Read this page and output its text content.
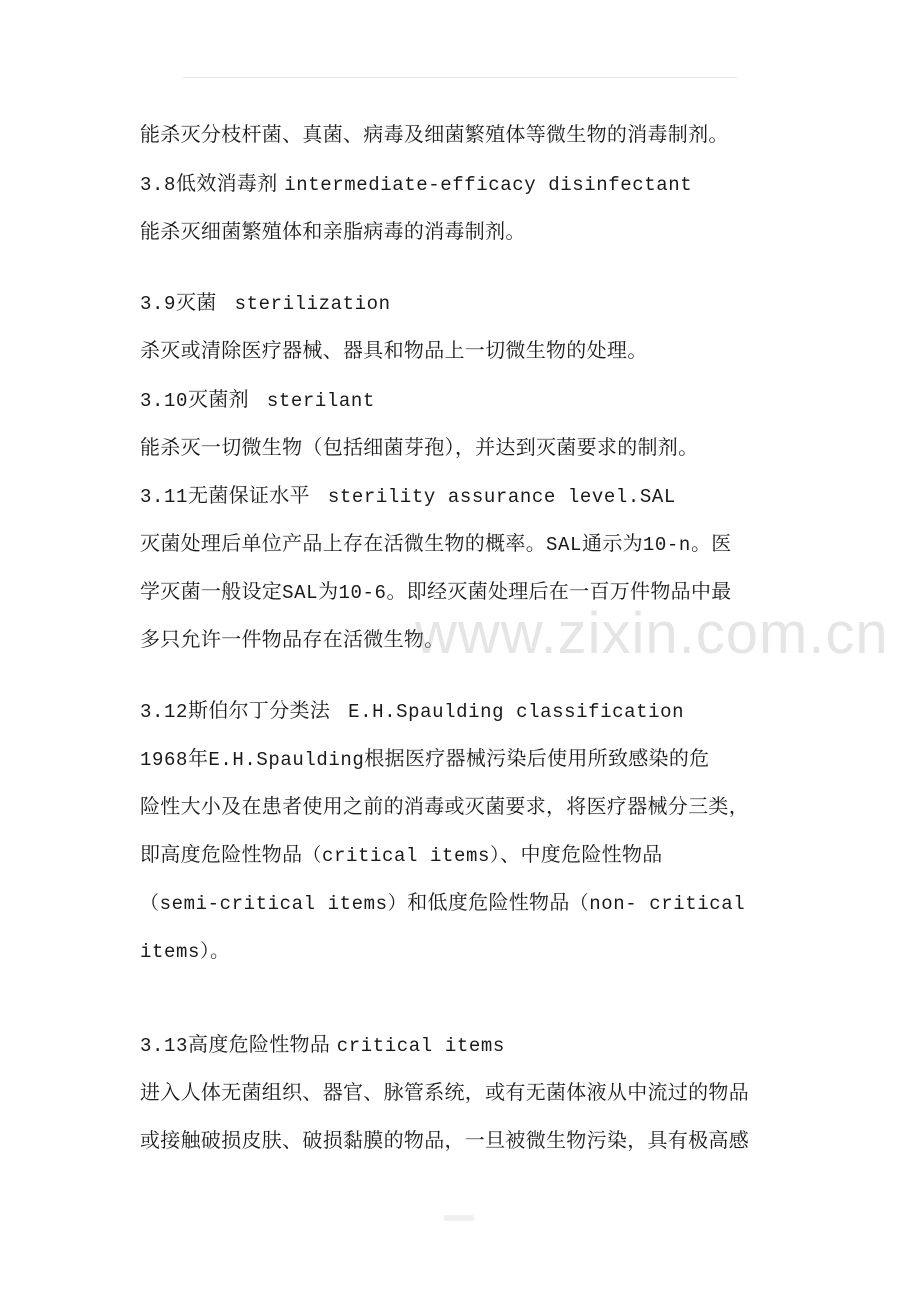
能杀灭分枝杆菌、真菌、病毒及细菌繁殖体等微生物的消毒制剂。
3.8低效消毒剂 intermediate-efficacy disinfectant
能杀灭细菌繁殖体和亲脂病毒的消毒制剂。
3.9灭菌 sterilization
杀灭或清除医疗器械、器具和物品上一切微生物的处理。
3.10灭菌剂 sterilant
能杀灭一切微生物（包括细菌芽孢），并达到灭菌要求的制剂。
3.11无菌保证水平 sterility assurance level.SAL
灭菌处理后单位产品上存在活微生物的概率。SAL通示为10-n。医
学灭菌一般设定SAL为10-6。即经灭菌处理后在一百万件物品中最
多只允许一件物品存在活微生物。
3.12斯伯尔丁分类法 E.H.Spaulding classification
1968年E.H.Spaulding根据医疗器械污染后使用所致感染的危
险性大小及在患者使用之前的消毒或灭菌要求，将医疗器械分三类，
即高度危险性物品（critical items）、中度危险性物品
（semi-critical items）和低度危险性物品（non- critical
items）。
3.13高度危险性物品 critical items
进入人体无菌组织、器官、脉管系统，或有无菌体液从中流过的物品
或接触破损皮肤、破损黏膜的物品，一旦被微生物污染，具有极高感
www.zixin.com.cn
